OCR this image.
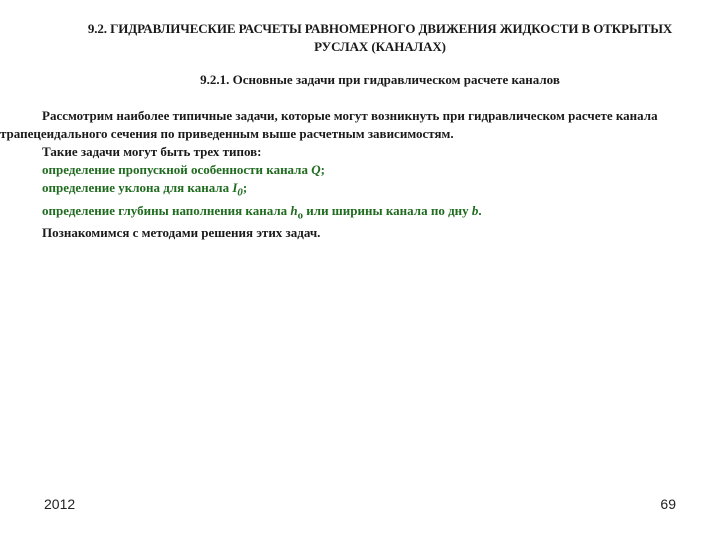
9.2. ГИДРАВЛИЧЕСКИЕ РАСЧЕТЫ РАВНОМЕРНОГО ДВИЖЕНИЯ ЖИДКОСТИ В ОТКРЫТЫХ
РУСЛАХ (КАНАЛАХ)
9.2.1. Основные задачи при гидравлическом расчете каналов

Рассмотрим наиболее типичные задачи, которые могут возникнуть при гидравлическом расчете канала

трапецеидального сечения по приведенным выше расчетным зависимостям.

Такие задачи могут быть трех типов:

определение пропускной особенности канала Q;

определение уклона для канала $I_0$;

определение глубины наполнения канала $h_o$ или ширины канала по дну b.

Познакомимся с методами решения этих задач.

2012	69
